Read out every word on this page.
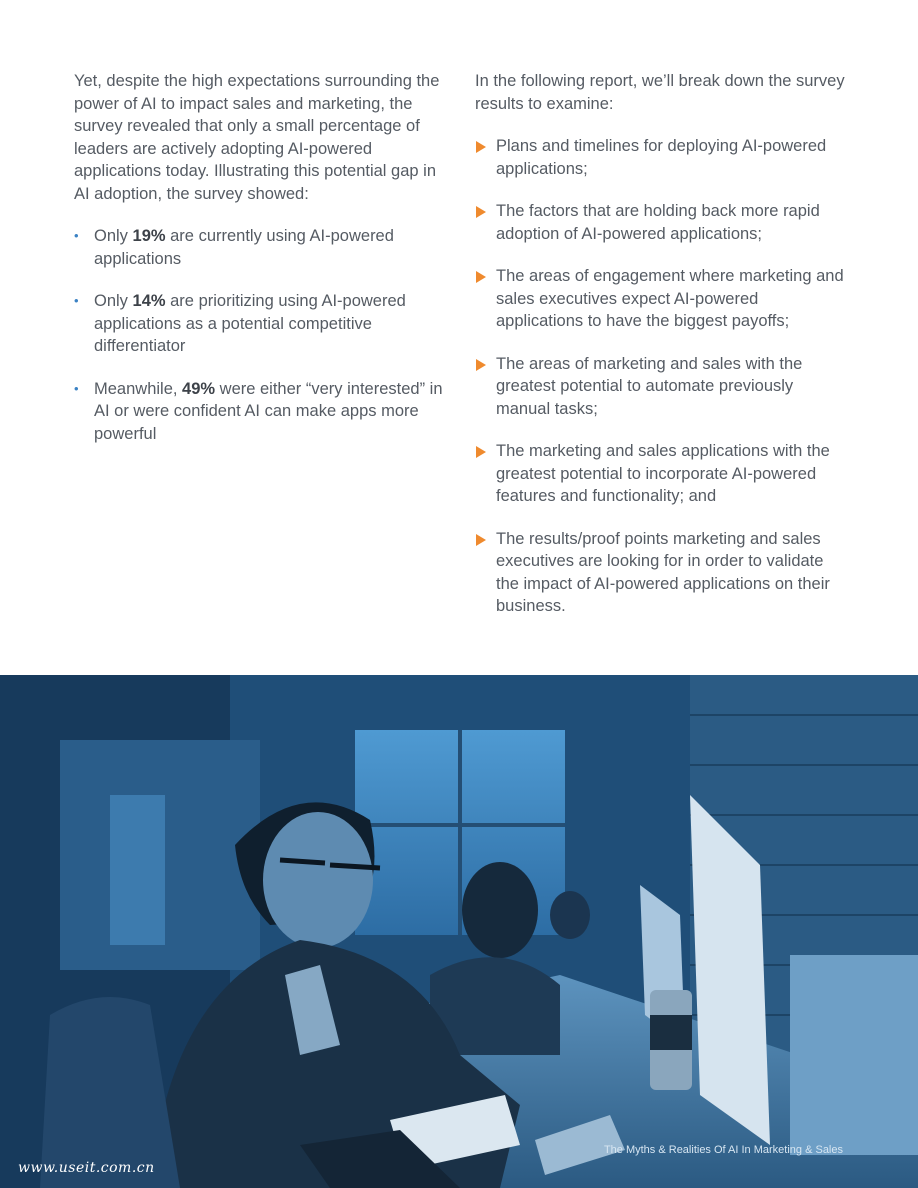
Yet, despite the high expectations surrounding the power of AI to impact sales and marketing, the survey revealed that only a small percentage of leaders are actively adopting AI-powered applications today. Illustrating this potential gap in AI adoption, the survey showed:

• Only 19% are currently using AI-powered applications
• Only 14% are prioritizing using AI-powered applications as a potential competitive differentiator
• Meanwhile, 49% were either “very interested” in AI or were confident AI can make apps more powerful

In the following report, we’ll break down the survey results to examine:

Plans and timelines for deploying AI-powered applications;
The factors that are holding back more rapid adoption of AI-powered applications;
The areas of engagement where marketing and sales executives expect AI-powered applications to have the biggest payoffs;
The areas of marketing and sales with the greatest potential to automate previously manual tasks;
The marketing and sales applications with the greatest potential to incorporate AI-powered features and functionality; and
The results/proof points marketing and sales executives are looking for in order to validate the impact of AI-powered applications on their business.
The Myths & Realities Of AI In Marketing & Sales
www.useit.com.cn
